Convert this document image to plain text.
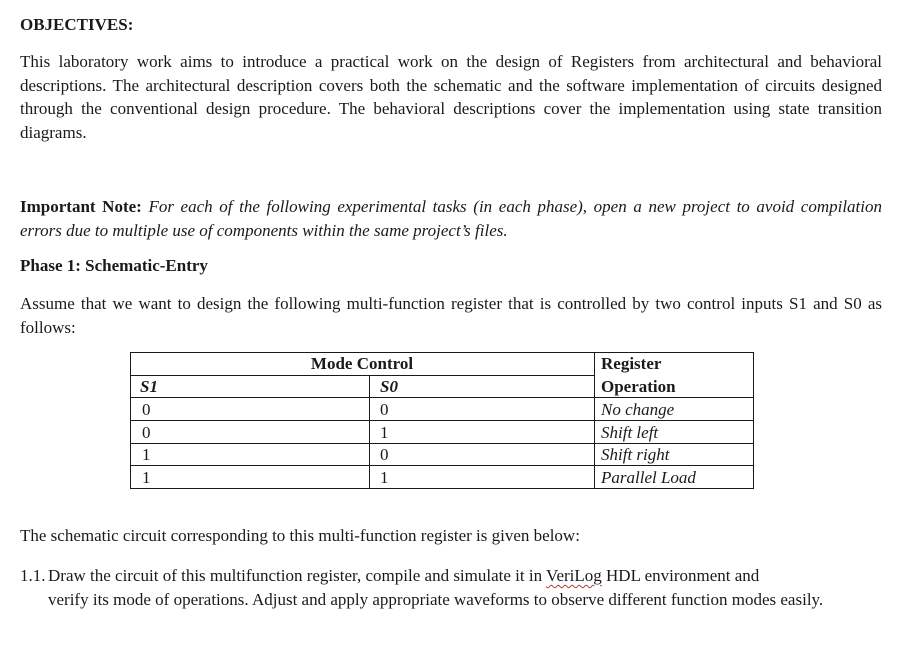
OBJECTIVES:
This laboratory work aims to introduce a practical work on the design of Registers from architectural and behavioral descriptions. The architectural description covers both the schematic and the software implementation of circuits designed through the conventional design procedure. The behavioral descriptions cover the implementation using state transition diagrams.
Important Note: For each of the following experimental tasks (in each phase), open a new project to avoid compilation errors due to multiple use of components within the same project’s files.
Phase 1: Schematic-Entry
Assume that we want to design the following multi-function register that is controlled by two control inputs S1 and S0 as follows:
Mode Control
S1	S0
Register
Operation
0	0	No change
0	1	Shift left
1	0	Shift right
1	1	Parallel Load
The schematic circuit corresponding to this multi-function register is given below:
1.1. Draw the circuit of this multifunction register, compile and simulate it in VeriLog HDL environment and
verify its mode of operations. Adjust and apply appropriate waveforms to observe different function modes easily.
